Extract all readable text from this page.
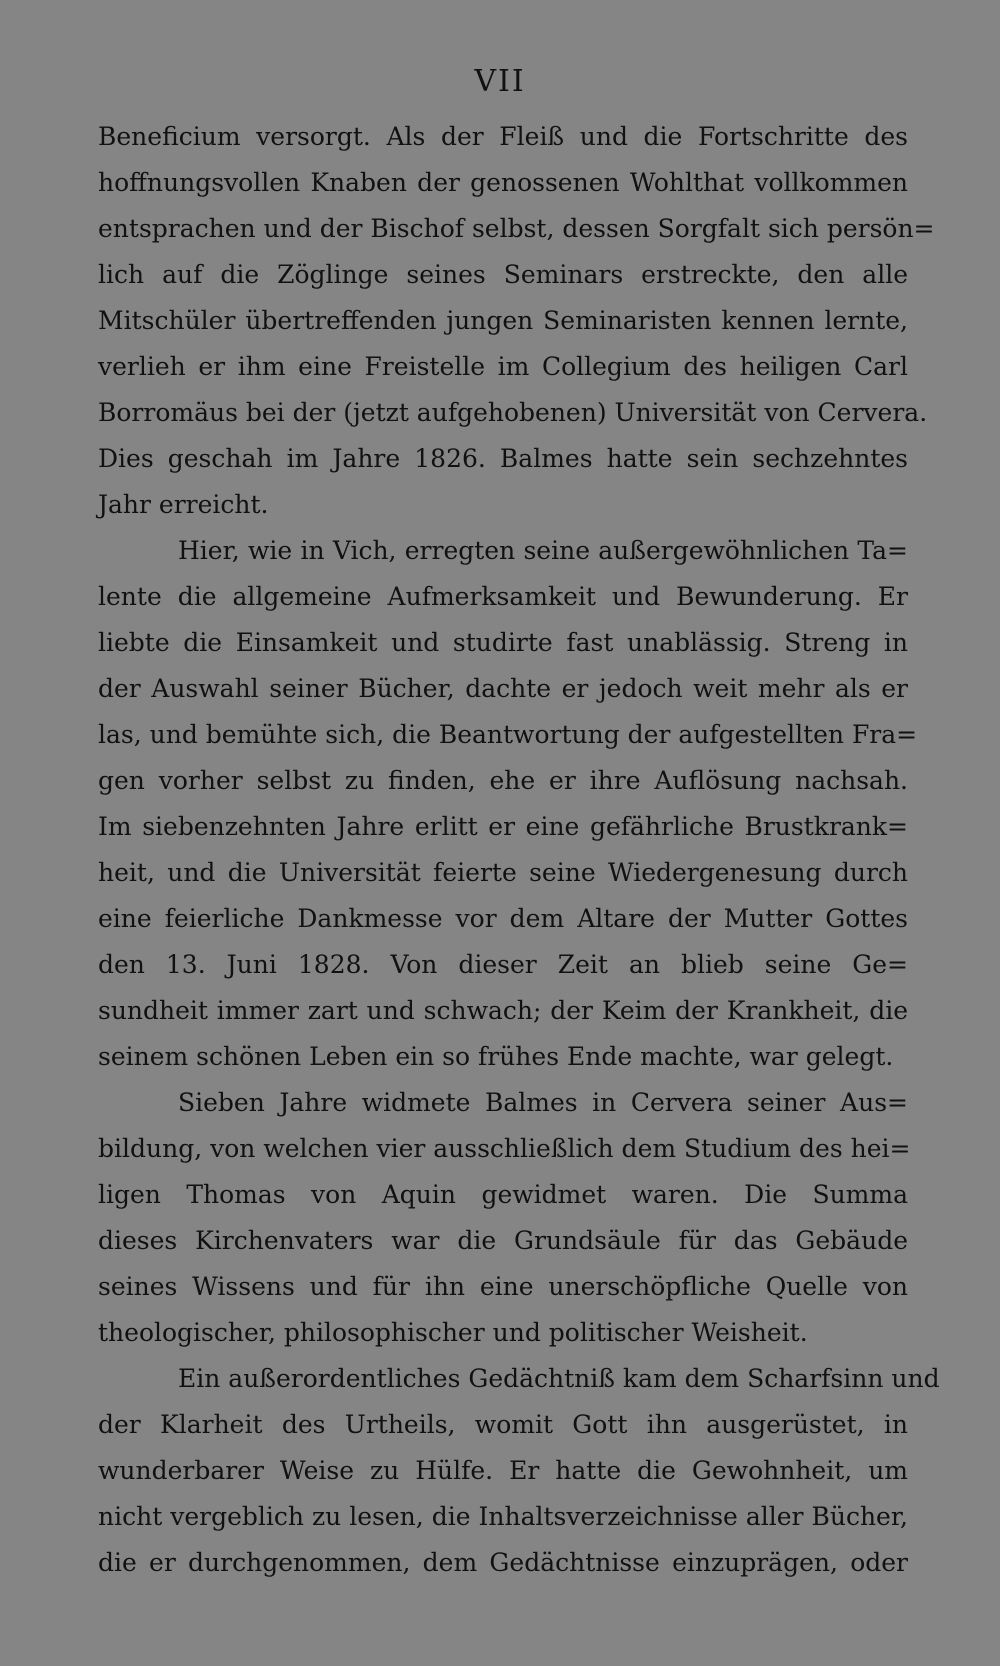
VII

Beneficium versorgt. Als der Fleiß und die Fortschritte des
hoffnungsvollen Knaben der genossenen Wohlthat vollkommen
entsprachen und der Bischof selbst, dessen Sorgfalt sich persön=
lich auf die Zöglinge seines Seminars erstreckte, den alle
Mitschüler übertreffenden jungen Seminaristen kennen lernte,
verlieh er ihm eine Freistelle im Collegium des heiligen Carl
Borromäus bei der (jetzt aufgehobenen) Universität von Cervera.
Dies geschah im Jahre 1826. Balmes hatte sein sechzehntes
Jahr erreicht.

Hier, wie in Vich, erregten seine außergewöhnlichen Ta=
lente die allgemeine Aufmerksamkeit und Bewunderung. Er
liebte die Einsamkeit und studirte fast unablässig. Streng in
der Auswahl seiner Bücher, dachte er jedoch weit mehr als er
las, und bemühte sich, die Beantwortung der aufgestellten Fra=
gen vorher selbst zu finden, ehe er ihre Auflösung nachsah.
Im siebenzehnten Jahre erlitt er eine gefährliche Brustkrank=
heit, und die Universität feierte seine Wiedergenesung durch
eine feierliche Dankmesse vor dem Altare der Mutter Gottes
den 13. Juni 1828. Von dieser Zeit an blieb seine Ge=
sundheit immer zart und schwach; der Keim der Krankheit, die
seinem schönen Leben ein so frühes Ende machte, war gelegt.

Sieben Jahre widmete Balmes in Cervera seiner Aus=
bildung, von welchen vier ausschließlich dem Studium des hei=
ligen Thomas von Aquin gewidmet waren. Die Summa
dieses Kirchenvaters war die Grundsäule für das Gebäude
seines Wissens und für ihn eine unerschöpfliche Quelle von
theologischer, philosophischer und politischer Weisheit.

Ein außerordentliches Gedächtniß kam dem Scharfsinn und
der Klarheit des Urtheils, womit Gott ihn ausgerüstet, in
wunderbarer Weise zu Hülfe. Er hatte die Gewohnheit, um
nicht vergeblich zu lesen, die Inhaltsverzeichnisse aller Bücher,
die er durchgenommen, dem Gedächtnisse einzuprägen, oder
